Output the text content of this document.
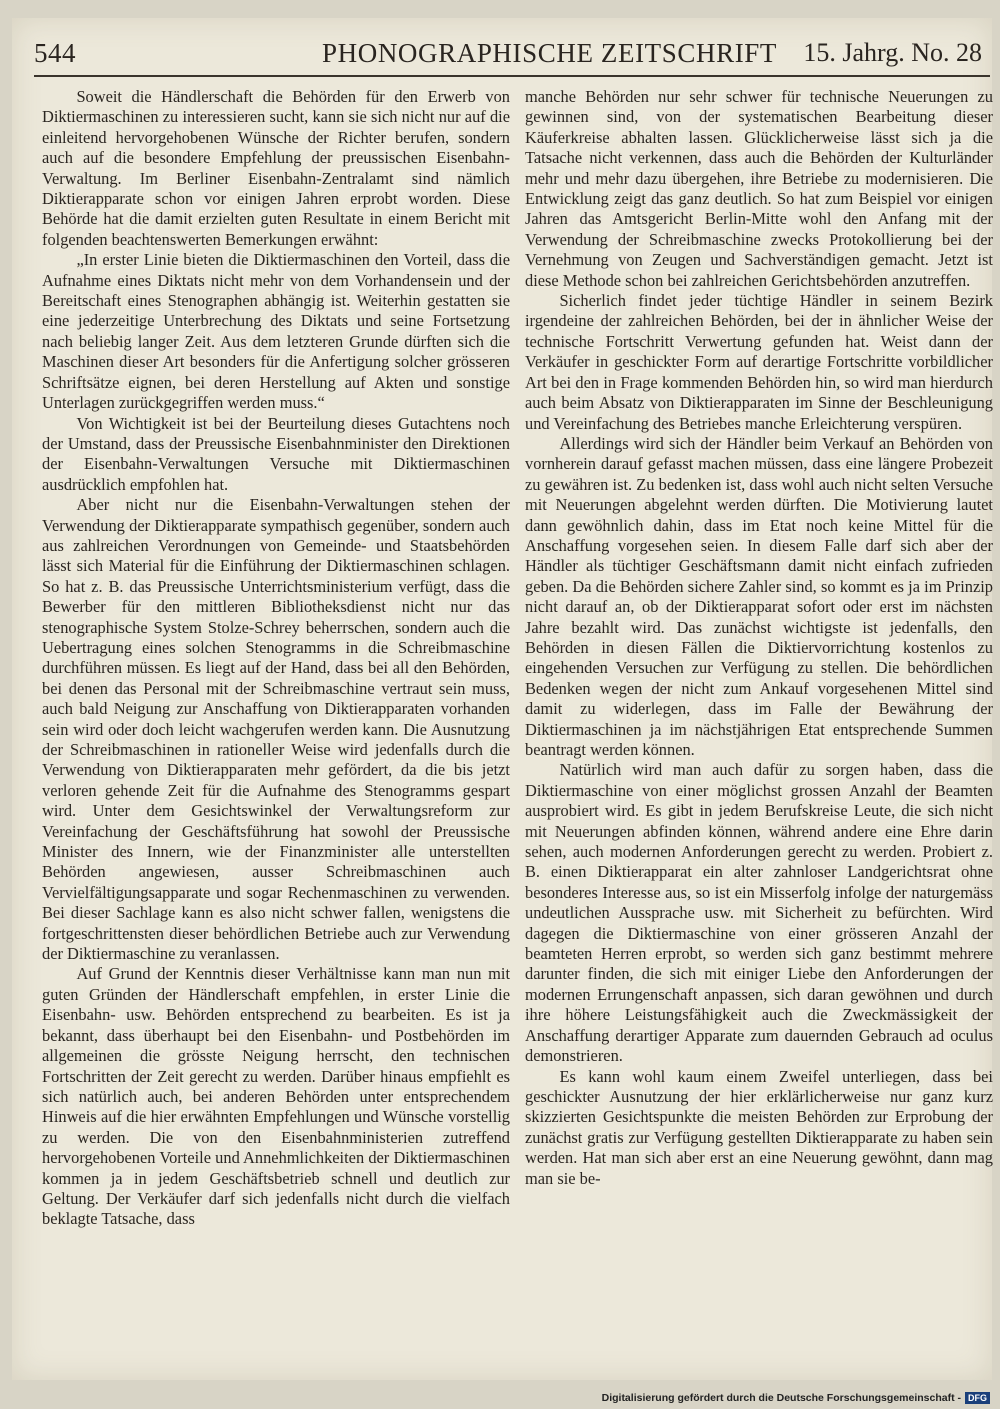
544	PHONOGRAPHISCHE ZEITSCHRIFT 15. Jahrg. No. 28

Soweit die Händlerschaft die Behörden für den Erwerb von Diktiermaschinen zu interessieren sucht, kann sie sich nicht nur auf die einleitend hervorgehobenen Wünsche der Richter berufen, sondern auch auf die besondere Empfehlung der preussischen Eisenbahn-Verwaltung. Im Berliner Eisenbahn-Zentralamt sind nämlich Diktierapparate schon vor einigen Jahren erprobt worden. Diese Behörde hat die damit erzielten guten Resultate in einem Bericht mit folgenden beachtenswerten Bemerkungen erwähnt:

„In erster Linie bieten die Diktiermaschinen den Vorteil, dass die Aufnahme eines Diktats nicht mehr von dem Vorhandensein und der Bereitschaft eines Stenographen abhängig ist. Weiterhin gestatten sie eine jederzeitige Unterbrechung des Diktats und seine Fortsetzung nach beliebig langer Zeit. Aus dem letzteren Grunde dürften sich die Maschinen dieser Art besonders für die Anfertigung solcher grösseren Schriftsätze eignen, bei deren Herstellung auf Akten und sonstige Unterlagen zurückgegriffen werden muss.“

Von Wichtigkeit ist bei der Beurteilung dieses Gutachtens noch der Umstand, dass der Preussische Eisenbahnminister den Direktionen der Eisenbahn-Verwaltungen Versuche mit Diktiermaschinen ausdrücklich empfohlen hat.

Aber nicht nur die Eisenbahn-Verwaltungen stehen der Verwendung der Diktierapparate sympathisch gegenüber, sondern auch aus zahlreichen Verordnungen von Gemeinde- und Staatsbehörden lässt sich Material für die Einführung der Diktiermaschinen schlagen. So hat z. B. das Preussische Unterrichtsministerium verfügt, dass die Bewerber für den mittleren Bibliotheksdienst nicht nur das stenographische System Stolze-Schrey beherrschen, sondern auch die Uebertragung eines solchen Stenogramms in die Schreibmaschine durchführen müssen. Es liegt auf der Hand, dass bei all den Behörden, bei denen das Personal mit der Schreibmaschine vertraut sein muss, auch bald Neigung zur Anschaffung von Diktierapparaten vorhanden sein wird oder doch leicht wachgerufen werden kann. Die Ausnutzung der Schreibmaschinen in rationeller Weise wird jedenfalls durch die Verwendung von Diktierapparaten mehr gefördert, da die bis jetzt verloren gehende Zeit für die Aufnahme des Stenogramms gespart wird. Unter dem Gesichtswinkel der Verwaltungsreform zur Vereinfachung der Geschäftsführung hat sowohl der Preussische Minister des Innern, wie der Finanzminister alle unterstellten Behörden angewiesen, ausser Schreibmaschinen auch Vervielfältigungsapparate und sogar Rechenmaschinen zu verwenden. Bei dieser Sachlage kann es also nicht schwer fallen, wenigstens die fortgeschrittensten dieser behördlichen Betriebe auch zur Verwendung der Diktiermaschine zu veranlassen.

Auf Grund der Kenntnis dieser Verhältnisse kann man nun mit guten Gründen der Händlerschaft empfehlen, in erster Linie die Eisenbahn- usw. Behörden entsprechend zu bearbeiten. Es ist ja bekannt, dass überhaupt bei den Eisenbahn- und Postbehörden im allgemeinen die grösste Neigung herrscht, den technischen Fortschritten der Zeit gerecht zu werden. Darüber hinaus empfiehlt es sich natürlich auch, bei anderen Behörden unter entsprechendem Hinweis auf die hier erwähnten Empfehlungen und Wünsche vorstellig zu werden. Die von den Eisenbahnministerien zutreffend hervorgehobenen Vorteile und Annehmlichkeiten der Diktiermaschinen kommen ja in jedem Geschäftsbetrieb schnell und deutlich zur Geltung. Der Verkäufer darf sich jedenfalls nicht durch die vielfach beklagte Tatsache, dass

manche Behörden nur sehr schwer für technische Neuerungen zu gewinnen sind, von der systematischen Bearbeitung dieser Käuferkreise abhalten lassen. Glücklicherweise lässt sich ja die Tatsache nicht verkennen, dass auch die Behörden der Kulturländer mehr und mehr dazu übergehen, ihre Betriebe zu modernisieren. Die Entwicklung zeigt das ganz deutlich. So hat zum Beispiel vor einigen Jahren das Amtsgericht Berlin-Mitte wohl den Anfang mit der Verwendung der Schreibmaschine zwecks Protokollierung bei der Vernehmung von Zeugen und Sachverständigen gemacht. Jetzt ist diese Methode schon bei zahlreichen Gerichtsbehörden anzutreffen.

Sicherlich findet jeder tüchtige Händler in seinem Bezirk irgendeine der zahlreichen Behörden, bei der in ähnlicher Weise der technische Fortschritt Verwertung gefunden hat. Weist dann der Verkäufer in geschickter Form auf derartige Fortschritte vorbildlicher Art bei den in Frage kommenden Behörden hin, so wird man hierdurch auch beim Absatz von Diktierapparaten im Sinne der Beschleunigung und Vereinfachung des Betriebes manche Erleichterung verspüren.

Allerdings wird sich der Händler beim Verkauf an Behörden von vornherein darauf gefasst machen müssen, dass eine längere Probezeit zu gewähren ist. Zu bedenken ist, dass wohl auch nicht selten Versuche mit Neuerungen abgelehnt werden dürften. Die Motivierung lautet dann gewöhnlich dahin, dass im Etat noch keine Mittel für die Anschaffung vorgesehen seien. In diesem Falle darf sich aber der Händler als tüchtiger Geschäftsmann damit nicht einfach zufrieden geben. Da die Behörden sichere Zahler sind, so kommt es ja im Prinzip nicht darauf an, ob der Diktierapparat sofort oder erst im nächsten Jahre bezahlt wird. Das zunächst wichtigste ist jedenfalls, den Behörden in diesen Fällen die Diktiervorrichtung kostenlos zu eingehenden Versuchen zur Verfügung zu stellen. Die behördlichen Bedenken wegen der nicht zum Ankauf vorgesehenen Mittel sind damit zu widerlegen, dass im Falle der Bewährung der Diktiermaschinen ja im nächstjährigen Etat entsprechende Summen beantragt werden können.

Natürlich wird man auch dafür zu sorgen haben, dass die Diktiermaschine von einer möglichst grossen Anzahl der Beamten ausprobiert wird. Es gibt in jedem Berufskreise Leute, die sich nicht mit Neuerungen abfinden können, während andere eine Ehre darin sehen, auch modernen Anforderungen gerecht zu werden. Probiert z. B. einen Diktierapparat ein alter zahnloser Landgerichtsrat ohne besonderes Interesse aus, so ist ein Misserfolg infolge der naturgemäss undeutlichen Aussprache usw. mit Sicherheit zu befürchten. Wird dagegen die Diktiermaschine von einer grösseren Anzahl der beamteten Herren erprobt, so werden sich ganz bestimmt mehrere darunter finden, die sich mit einiger Liebe den Anforderungen der modernen Errungenschaft anpassen, sich daran gewöhnen und durch ihre höhere Leistungsfähigkeit auch die Zweckmässigkeit der Anschaffung derartiger Apparate zum dauernden Gebrauch ad oculus demonstrieren.

Es kann wohl kaum einem Zweifel unterliegen, dass bei geschickter Ausnutzung der hier erklärlicherweise nur ganz kurz skizzierten Gesichtspunkte die meisten Behörden zur Erprobung der zunächst gratis zur Verfügung gestellten Diktierapparate zu haben sein werden. Hat man sich aber erst an eine Neuerung gewöhnt, dann mag man sie be-

Digitalisierung gefördert durch die Deutsche Forschungsgemeinschaft - DFG
